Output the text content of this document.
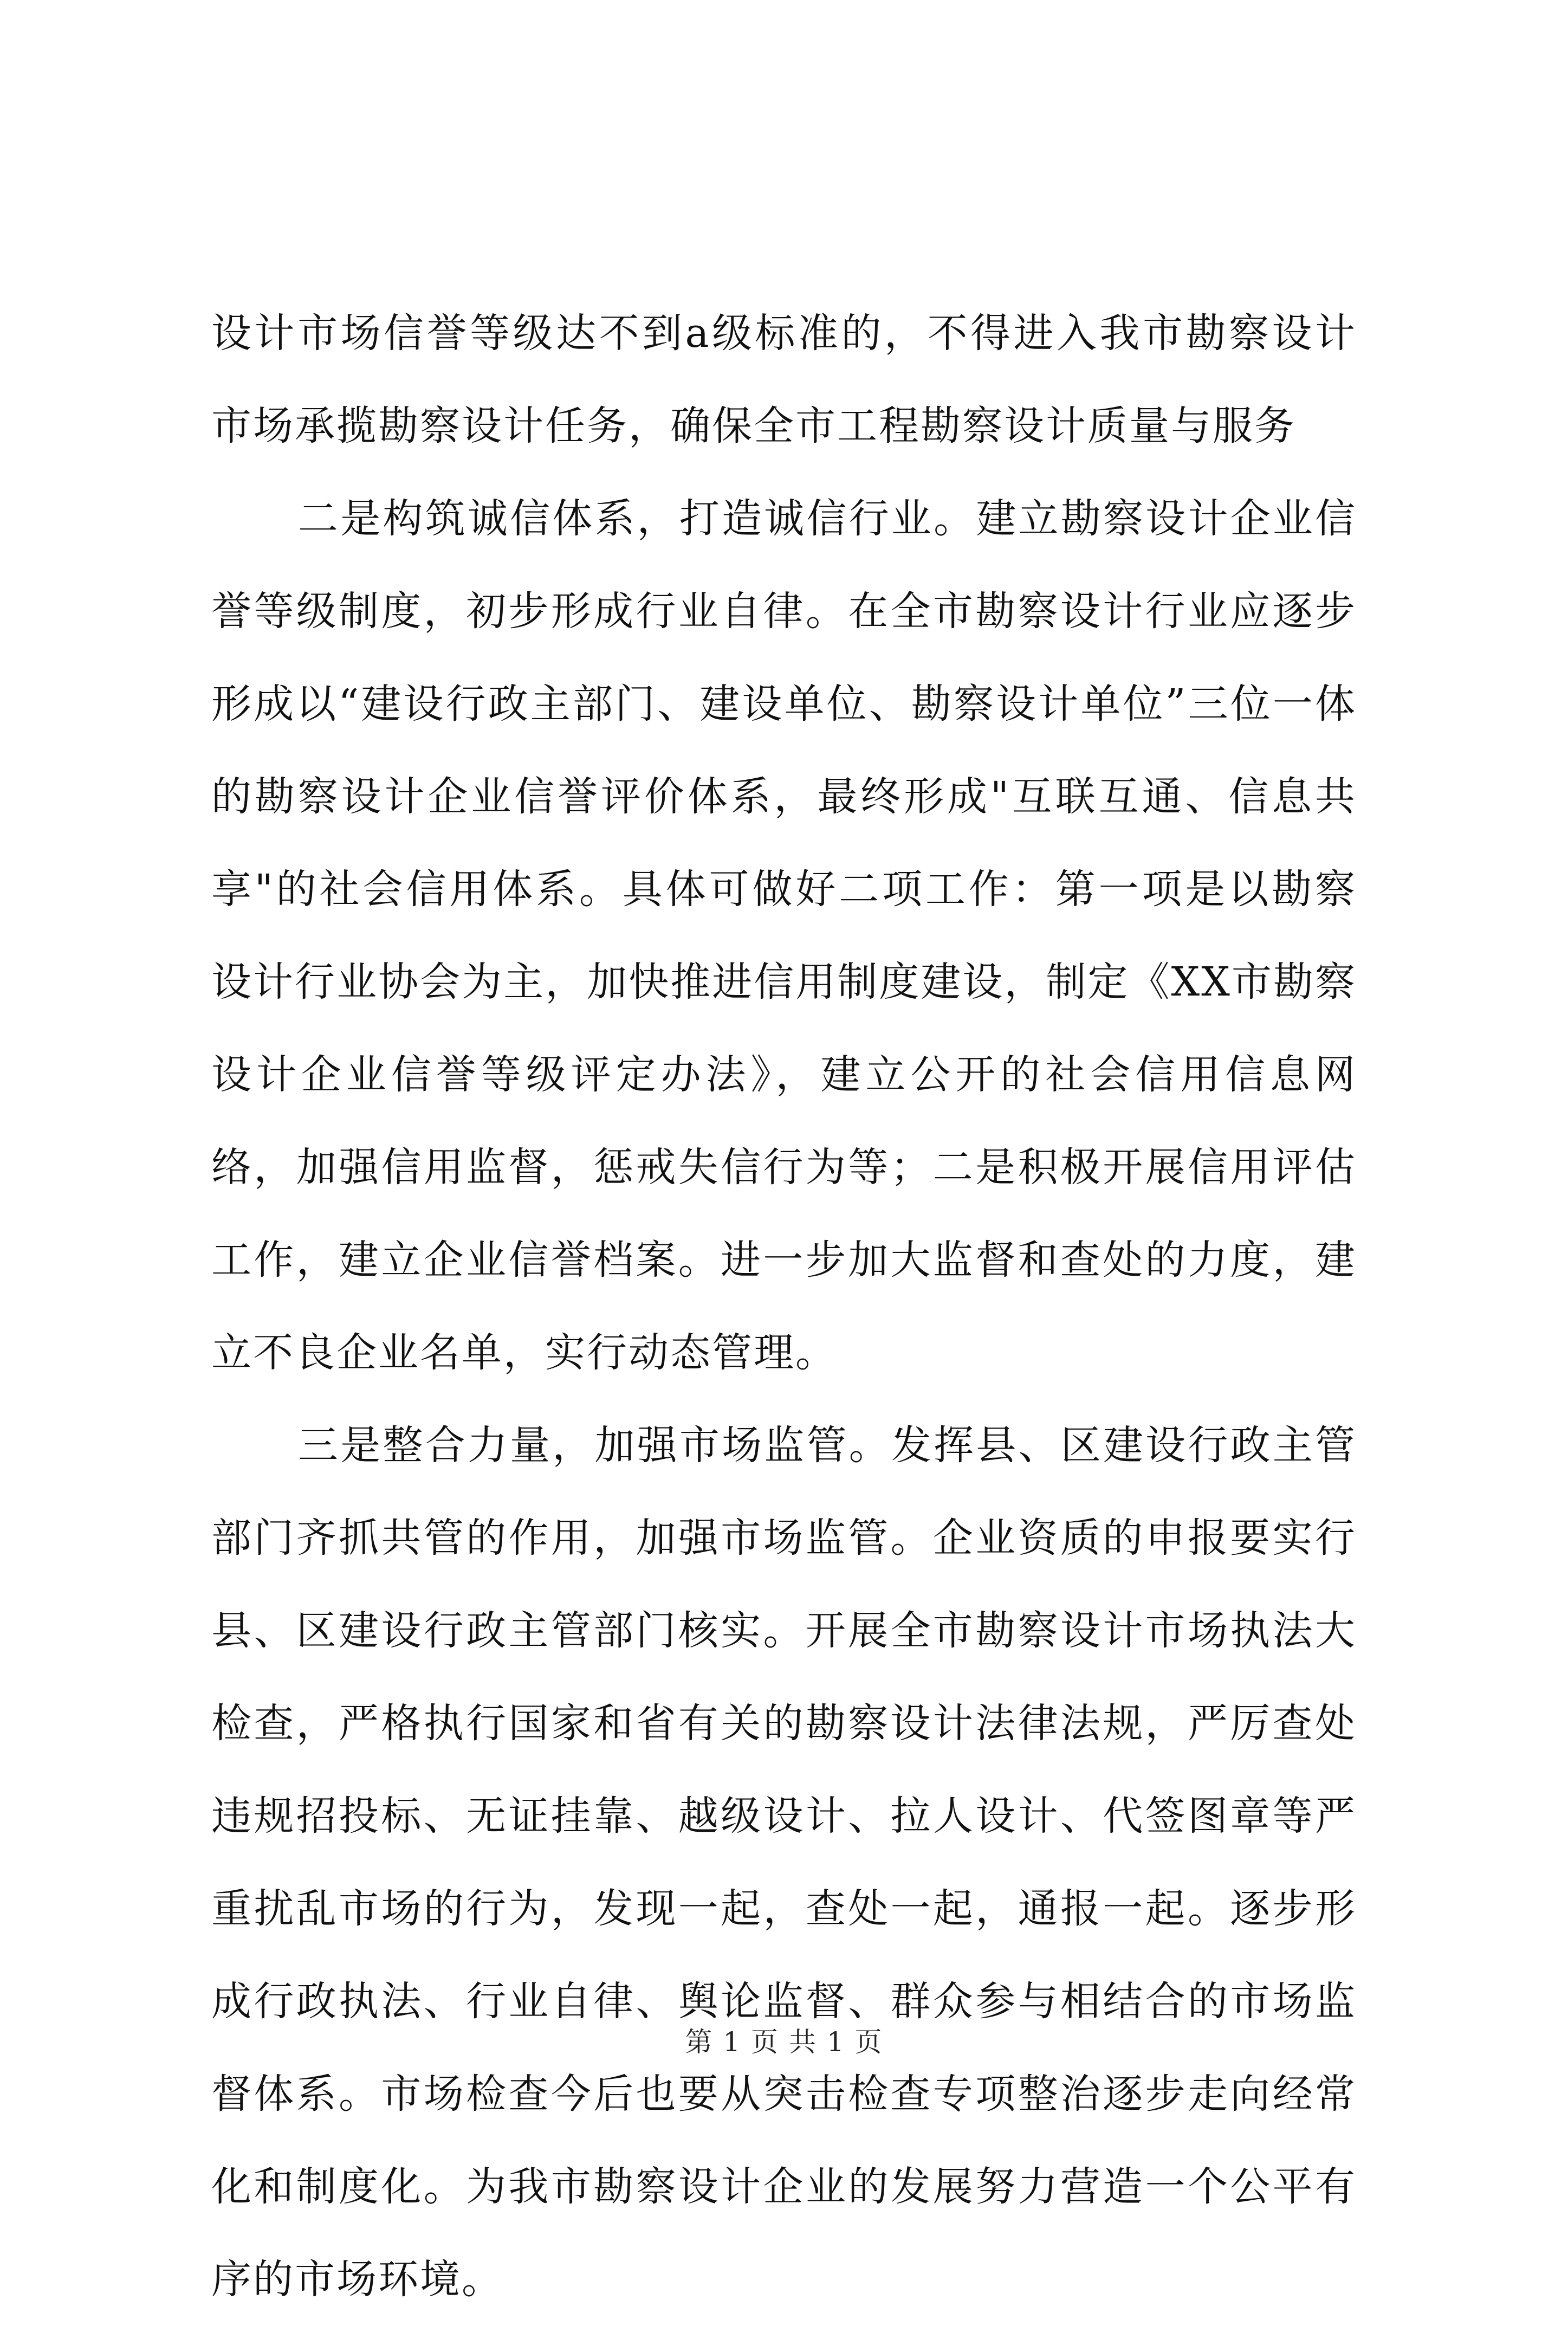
设计市场信誉等级达不到a级标准的，不得进入我市勘察设计市场承揽勘察设计任务，确保全市工程勘察设计质量与服务

二是构筑诚信体系，打造诚信行业。建立勘察设计企业信誉等级制度，初步形成行业自律。在全市勘察设计行业应逐步形成以“建设行政主部门、建设单位、勘察设计单位”三位一体的勘察设计企业信誉评价体系，最终形成"互联互通、信息共享"的社会信用体系。具体可做好二项工作：第一项是以勘察设计行业协会为主，加快推进信用制度建设，制定《XX市勘察设计企业信誉等级评定办法》，建立公开的社会信用信息网络，加强信用监督，惩戒失信行为等；二是积极开展信用评估工作，建立企业信誉档案。进一步加大监督和查处的力度，建立不良企业名单，实行动态管理。

三是整合力量，加强市场监管。发挥县、区建设行政主管部门齐抓共管的作用，加强市场监管。企业资质的申报要实行县、区建设行政主管部门核实。开展全市勘察设计市场执法大检查，严格执行国家和省有关的勘察设计法律法规，严厉查处违规招投标、无证挂靠、越级设计、拉人设计、代签图章等严重扰乱市场的行为，发现一起，查处一起，通报一起。逐步形成行政执法、行业自律、舆论监督、群众参与相结合的市场监督体系。市场检查今后也要从突击检查专项整治逐步走向经常化和制度化。为我市勘察设计企业的发展努力营造一个公平有序的市场环境。

第 1 页 共 1 页
